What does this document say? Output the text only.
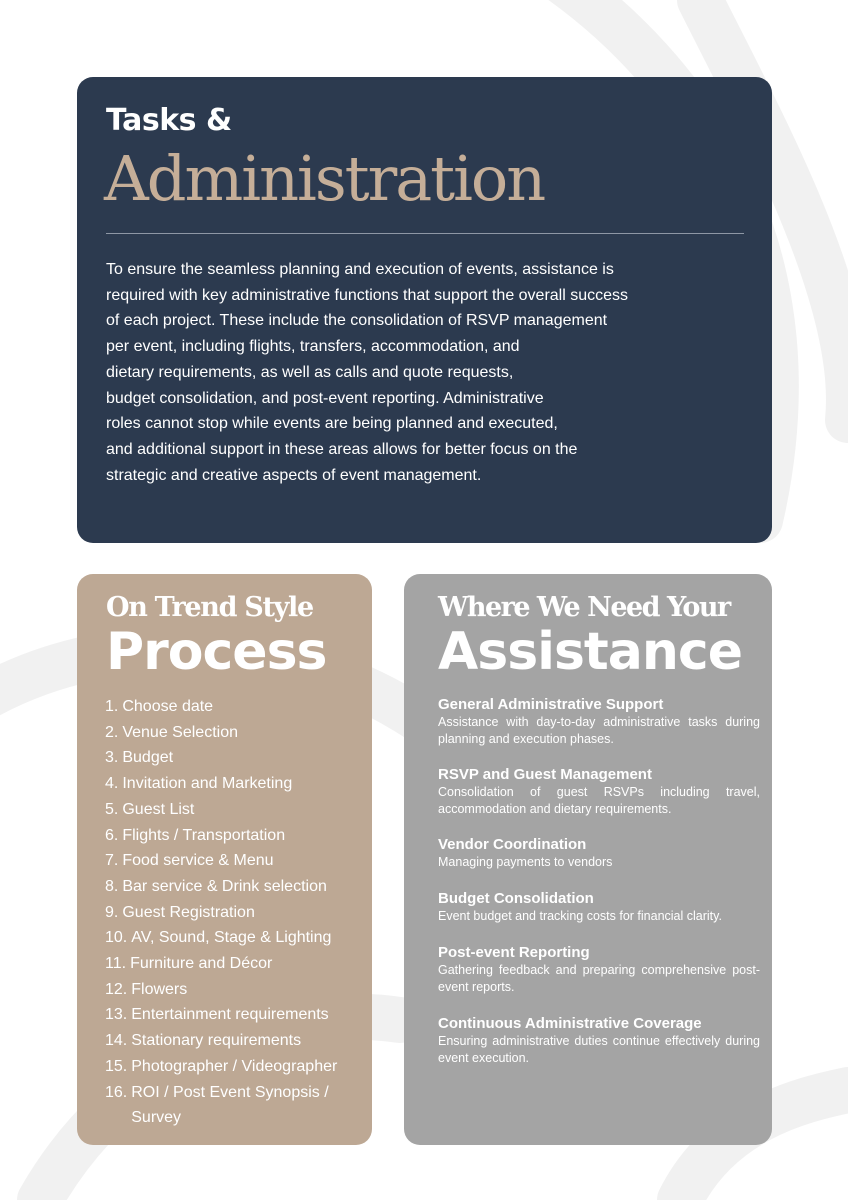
Tasks &
Administration

To ensure the seamless planning and execution of events, assistance is
required with key administrative functions that support the overall success
of each project. These include the consolidation of RSVP management
per event, including flights, transfers, accommodation, and
dietary requirements, as well as calls and quote requests,
budget consolidation, and post-event reporting. Administrative
roles cannot stop while events are being planned and executed,
and additional support in these areas allows for better focus on the
strategic and creative aspects of event management.

On Trend Style
Process
1. Choose date
2. Venue Selection
3. Budget
4. Invitation and Marketing
5. Guest List
6. Flights / Transportation
7. Food service & Menu
8. Bar service & Drink selection
9. Guest Registration
10. AV, Sound, Stage & Lighting
11. Furniture and Décor
12. Flowers
13. Entertainment requirements
14. Stationary requirements
15. Photographer / Videographer
16. ROI / Post Event Synopsis / Survey
Where We Need Your
Assistance
General Administrative Support
Assistance with day-to-day administrative tasks during planning and execution phases.
RSVP and Guest Management
Consolidation of guest RSVPs including travel, accommodation and dietary requirements.
Vendor Coordination
Managing payments to vendors
Budget Consolidation
Event budget and tracking costs for financial clarity.
Post-event Reporting
Gathering feedback and preparing comprehensive post-event reports.
Continuous Administrative Coverage
Ensuring administrative duties continue effectively during event execution.
